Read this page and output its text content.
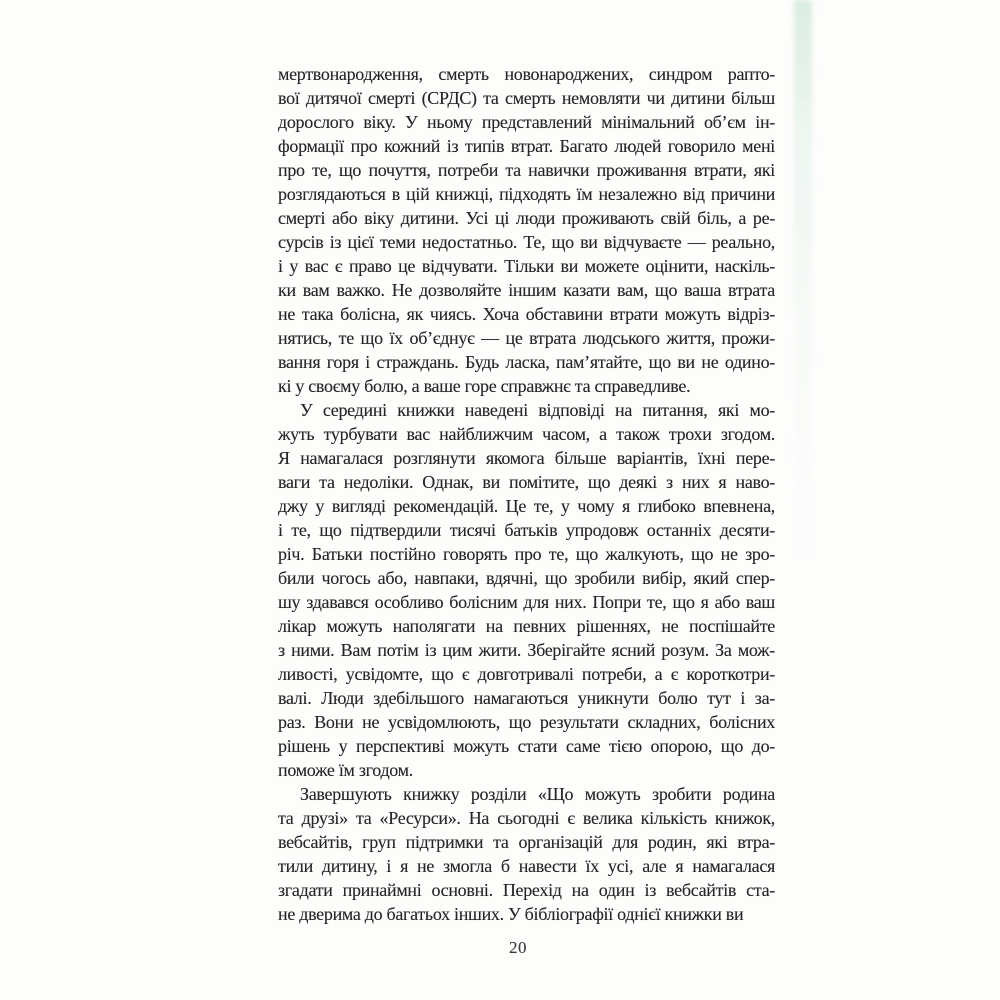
мертвонародження, смерть новонароджених, синдром рапто-
вої дитячої смерті (СРДС) та смерть немовляти чи дитини більш
дорослого віку. У ньому представлений мінімальний об’єм ін-
формації про кожний із типів втрат. Багато людей говорило мені
про те, що почуття, потреби та навички проживання втрати, які
розглядаються в цій книжці, підходять їм незалежно від причини
смерті або віку дитини. Усі ці люди проживають свій біль, а ре-
сурсів із цієї теми недостатньо. Те, що ви відчуваєте — реально,
і у вас є право це відчувати. Тільки ви можете оцінити, наскіль-
ки вам важко. Не дозволяйте іншим казати вам, що ваша втрата
не така болісна, як чиясь. Хоча обставини втрати можуть відріз-
нятись, те що їх об’єднує — це втрата людського життя, прожи-
вання горя і страждань. Будь ласка, пам’ятайте, що ви не одино-
кі у своєму болю, а ваше горе справжнє та справедливе.
У середині книжки наведені відповіді на питання, які мо-
жуть турбувати вас найближчим часом, а також трохи згодом.
Я намагалася розглянути якомога більше варіантів, їхні пере-
ваги та недоліки. Однак, ви помітите, що деякі з них я наво-
джу у вигляді рекомендацій. Це те, у чому я глибоко впевнена,
і те, що підтвердили тисячі батьків упродовж останніх десяти-
річ. Батьки постійно говорять про те, що жалкують, що не зро-
били чогось або, навпаки, вдячні, що зробили вибір, який спер-
шу здавався особливо болісним для них. Попри те, що я або ваш
лікар можуть наполягати на певних рішеннях, не поспішайте
з ними. Вам потім із цим жити. Зберігайте ясний розум. За мож-
ливості, усвідомте, що є довготривалі потреби, а є короткотри-
валі. Люди здебільшого намагаються уникнути болю тут і за-
раз. Вони не усвідомлюють, що результати складних, болісних
рішень у перспективі можуть стати саме тією опорою, що до-
поможе їм згодом.
Завершують книжку розділи «Що можуть зробити родина
та друзі» та «Ресурси». На сьогодні є велика кількість книжок,
вебсайтів, груп підтримки та організацій для родин, які втра-
тили дитину, і я не змогла б навести їх усі, але я намагалася
згадати принаймні основні. Перехід на один із вебсайтів ста-
не дверима до багатьох інших. У бібліографії однієї книжки ви
20
